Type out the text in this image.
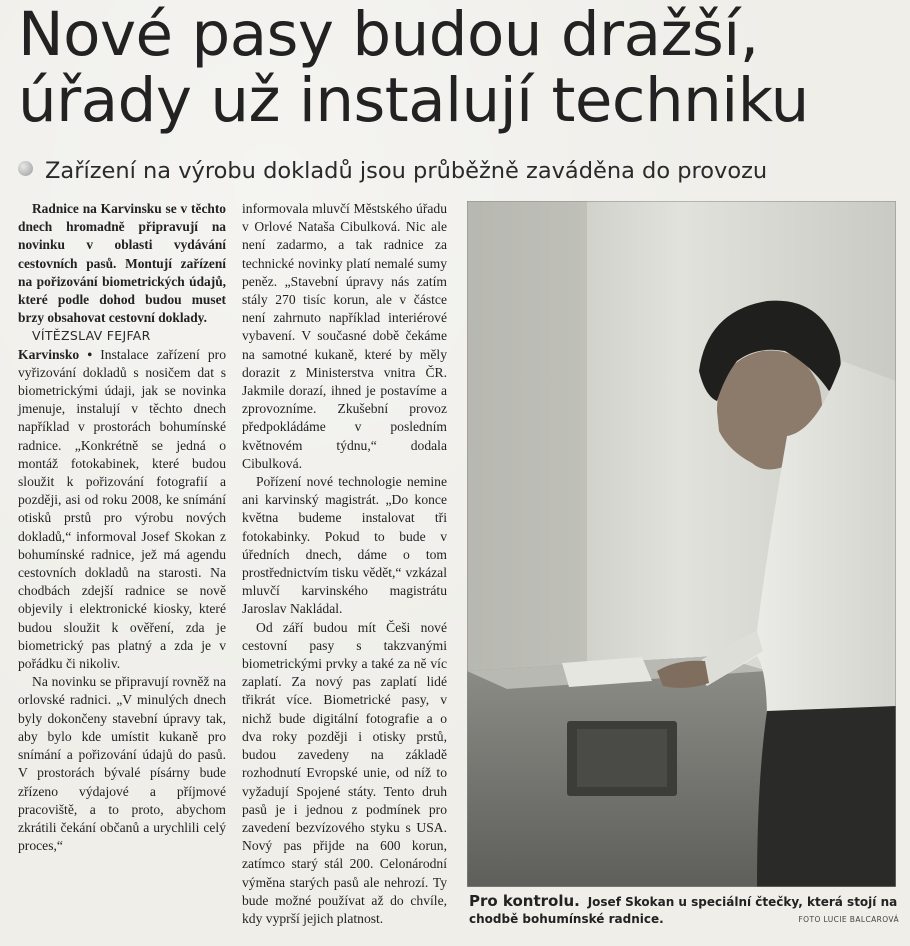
Nové pasy budou dražší,
úřady už instalují techniku
Zařízení na výrobu dokladů jsou průběžně zaváděna do provozu

Radnice na Karvinsku se v těchto dnech hromadně připravují na novinku v oblasti vydávání cestovních pasů. Montují zařízení na pořizování biometrických údajů, které podle dohod budou muset brzy obsahovat cestovní doklady.

VÍTĚZSLAV FEJFAR

Karvinsko • Instalace zařízení pro vyřizování dokladů s nosičem dat s biometrickými údaji, jak se novinka jmenuje, instalují v těchto dnech například v prostorách bohumínské radnice. „Konkrétně se jedná o montáž fotokabinek, které budou sloužit k pořizování fotografií a později, asi od roku 2008, ke snímání otisků prstů pro výrobu nových dokladů,“ informoval Josef Skokan z bohumínské radnice, jež má agendu cestovních dokladů na starosti. Na chodbách zdejší radnice se nově objevily i elektronické kiosky, které budou sloužit k ověření, zda je biometrický pas platný a zda je v pořádku či nikoliv.

Na novinku se připravují rovněž na orlovské radnici. „V minulých dnech byly dokončeny stavební úpravy tak, aby bylo kde umístit kukaně pro snímání a pořizování údajů do pasů. V prostorách bývalé písárny bude zřízeno výdajové a příjmové pracoviště, a to proto, abychom zkrátili čekání občanů a urychlili celý proces,“

informovala mluvčí Městského úřadu v Orlové Nataša Cibulková. Nic ale není zadarmo, a tak radnice za technické novinky platí nemalé sumy peněz. „Stavební úpravy nás zatím stály 270 tisíc korun, ale v částce není zahrnuto například interiérové vybavení. V současné době čekáme na samotné kukaně, které by měly dorazit z Ministerstva vnitra ČR. Jakmile dorazí, ihned je postavíme a zprovozníme. Zkušební provoz předpokládáme v posledním květnovém týdnu,“ dodala Cibulková.

Pořízení nové technologie nemine ani karvinský magistrát. „Do konce května budeme instalovat tři fotokabinky. Pokud to bude v úředních dnech, dáme o tom prostřednictvím tisku vědět,“ vzkázal mluvčí karvinského magistrátu Jaroslav Nakládal.

Od září budou mít Češi nové cestovní pasy s takzvanými biometrickými prvky a také za ně víc zaplatí. Za nový pas zaplatí lidé třikrát více. Biometrické pasy, v nichž bude digitální fotografie a o dva roky později i otisky prstů, budou zavedeny na základě rozhodnutí Evropské unie, od níž to vyžadují Spojené státy. Tento druh pasů je i jednou z podmínek pro zavedení bezvízového styku s USA. Nový pas přijde na 600 korun, zatímco starý stál 200. Celonárodní výměna starých pasů ale nehrozí. Ty bude možné používat až do chvíle, kdy vyprší jejich platnost.

Pro kontrolu. Josef Skokan u speciální čtečky, která stojí na chodbě bohumínské radnice.	FOTO LUCIE BALCAROVÁ
